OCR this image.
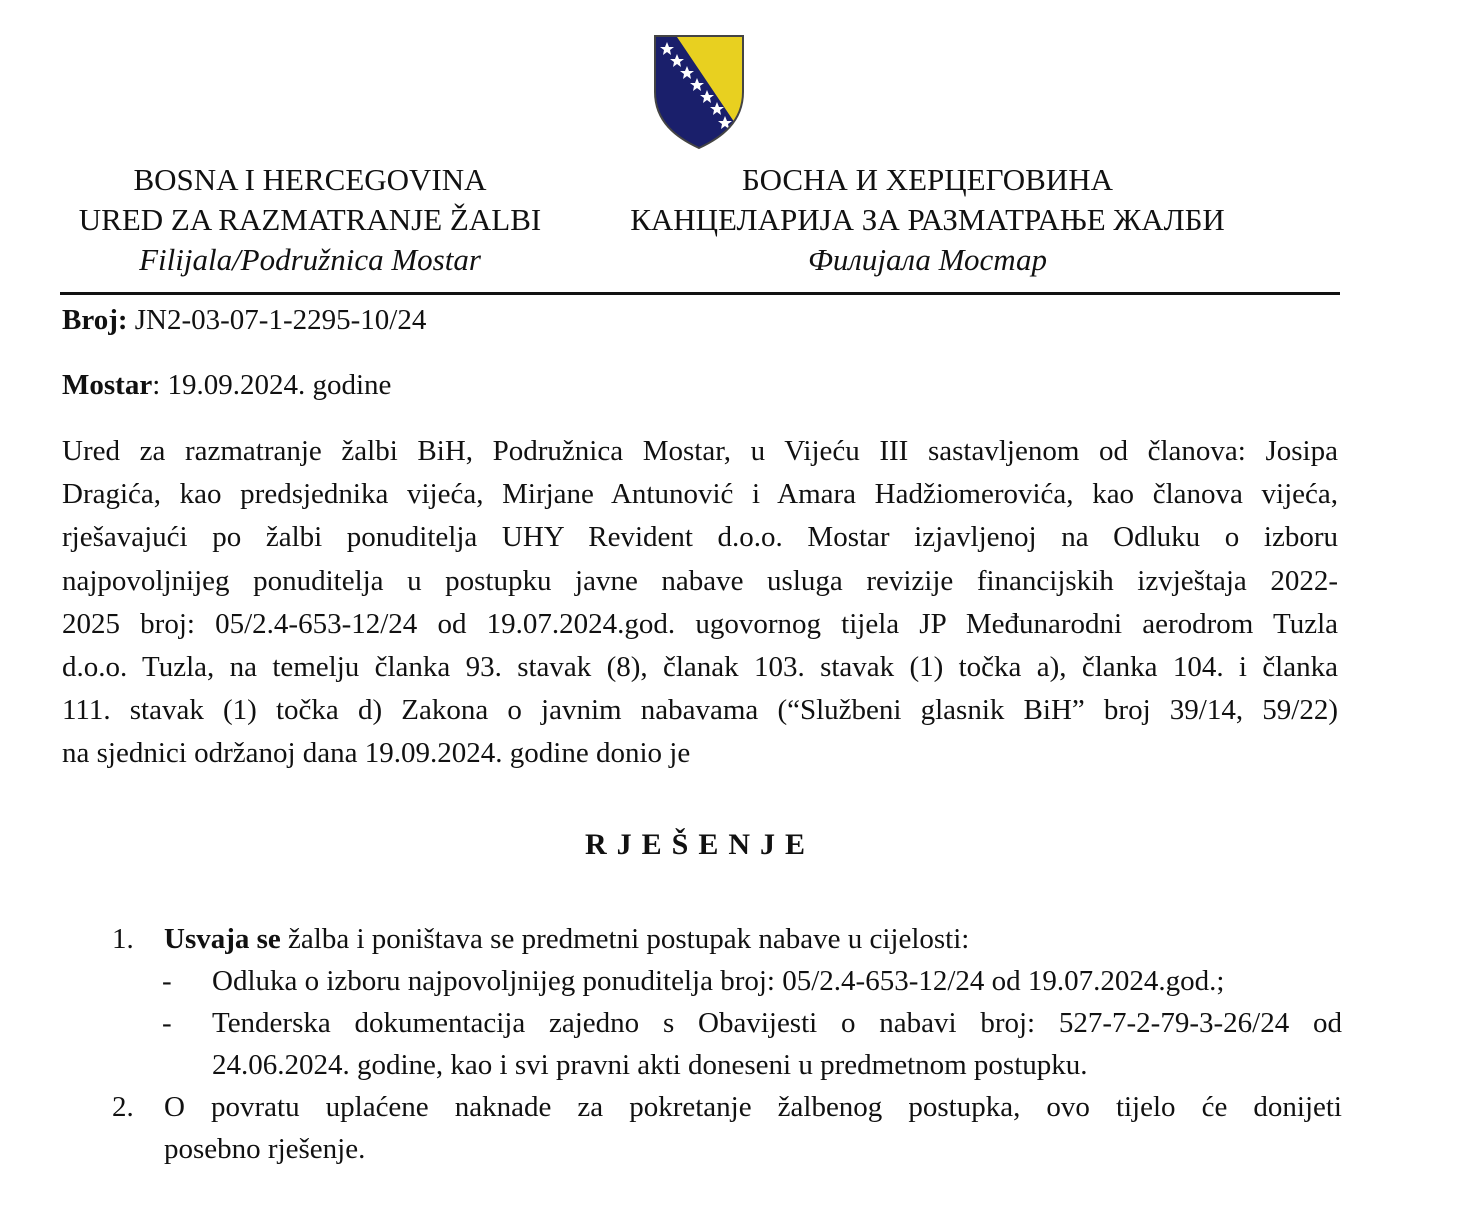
BOSNA I HERCEGOVINA
URED ZA RAZMATRANJE ŽALBI
Filijala/Podružnica Mostar
БОСНА И ХЕРЦЕГОВИНА
КАНЦЕЛАРИЈА ЗА РАЗМАТРАЊЕ ЖАЛБИ
Филијала Мостар
Broj: JN2-03-07-1-2295-10/24
Mostar: 19.09.2024. godine
Ured za razmatranje žalbi BiH, Podružnica Mostar, u Vijeću III sastavljenom od članova: Josipa
Dragića, kao predsjednika vijeća, Mirjane Antunović i Amara Hadžiomerovića, kao članova vijeća,
rješavajući po žalbi ponuditelja UHY Revident d.o.o. Mostar izjavljenoj na Odluku o izboru
najpovoljnijeg ponuditelja u postupku javne nabave usluga revizije financijskih izvještaja 2022-
2025 broj: 05/2.4-653-12/24 od 19.07.2024.god. ugovornog tijela JP Međunarodni aerodrom Tuzla
d.o.o. Tuzla, na temelju članka 93. stavak (8), članak 103. stavak (1) točka a), članka 104. i članka
111. stavak (1) točka d) Zakona o javnim nabavama (“Službeni glasnik BiH” broj 39/14, 59/22)
na sjednici održanoj dana 19.09.2024. godine donio je
RJEŠENJE
1. Usvaja se žalba i poništava se predmetni postupak nabave u cijelosti:
- Odluka o izboru najpovoljnijeg ponuditelja broj: 05/2.4-653-12/24 od 19.07.2024.god.;
- Tenderska dokumentacija zajedno s Obavijesti o nabavi broj: 527-7-2-79-3-26/24 od
24.06.2024. godine, kao i svi pravni akti doneseni u predmetnom postupku.
2. O povratu uplaćene naknade za pokretanje žalbenog postupka, ovo tijelo će donijeti
posebno rješenje.
